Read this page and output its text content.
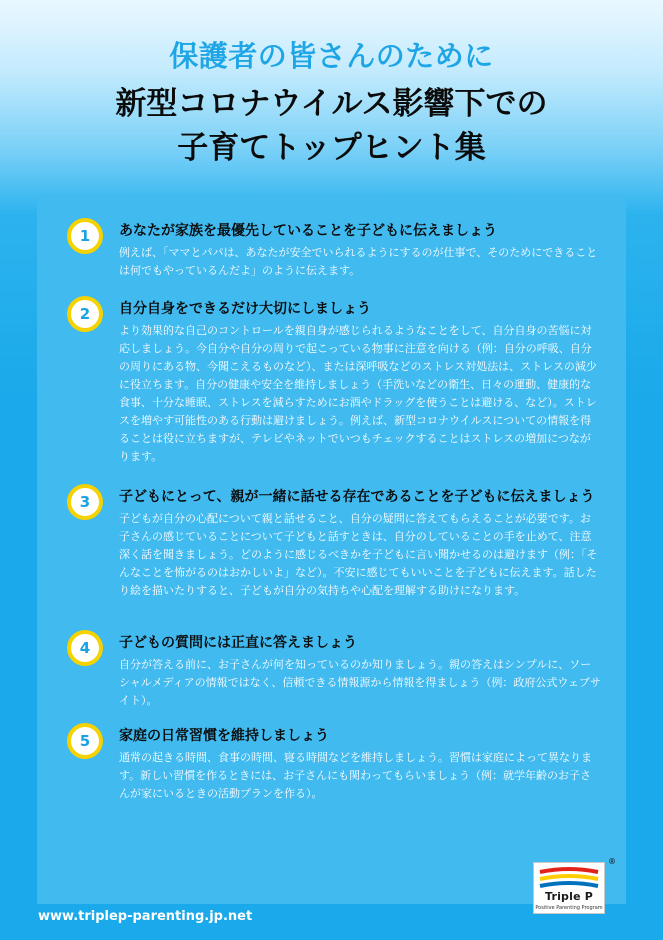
保護者の皆さんのために
新型コロナウイルス影響下での
子育てトップヒント集
1	あなたが家族を最優先していることを子どもに伝えましょう

例えば、「ママとパパは、あなたが安全でいられるようにするのが仕事で、そのためにできることは何でもやっているんだよ」のように伝えます。

2	自分自身をできるだけ大切にしましょう

より効果的な自己のコントロールを親自身が感じられるようなことをして、自分自身の苦悩に対応しましょう。今自分や自分の周りで起こっている物事に注意を向ける（例：自分の呼吸、自分の周りにある物、今聞こえるものなど）、または深呼吸などのストレス対処法は、ストレスの減少に役立ちます。自分の健康や安全を維持しましょう（手洗いなどの衛生、日々の運動、健康的な食事、十分な睡眠、ストレスを減らすためにお酒やドラッグを使うことは避ける、など）。ストレスを増やす可能性のある行動は避けましょう。例えば、新型コロナウイルスについての情報を得ることは役に立ちますが、テレビやネットでいつもチェックすることはストレスの増加につながります。

3	子どもにとって、親が一緒に話せる存在であることを子どもに伝えましょう

子どもが自分の心配について親と話せること、自分の疑問に答えてもらえることが必要です。お子さんの感じていることについて子どもと話すときは、自分のしていることの手を止めて、注意深く話を聞きましょう。どのように感じるべきかを子どもに言い聞かせるのは避けます（例：「そんなことを怖がるのはおかしいよ」など）。不安に感じてもいいことを子どもに伝えます。話したり絵を描いたりすると、子どもが自分の気持ちや心配を理解する助けになります。

4	子どもの質問には正直に答えましょう

自分が答える前に、お子さんが何を知っているのか知りましょう。親の答えはシンプルに、ソーシャルメディアの情報ではなく、信頼できる情報源から情報を得ましょう（例：政府公式ウェブサイト）。

5	家庭の日常習慣を維持しましょう

通常の起きる時間、食事の時間、寝る時間などを維持しましょう。習慣は家庭によって異なります。新しい習慣を作るときには、お子さんにも関わってもらいましょう（例：就学年齢のお子さんが家にいるときの活動プランを作る）。

www.triplep-parenting.jp.net
Triple P
Positive Parenting Program
®
